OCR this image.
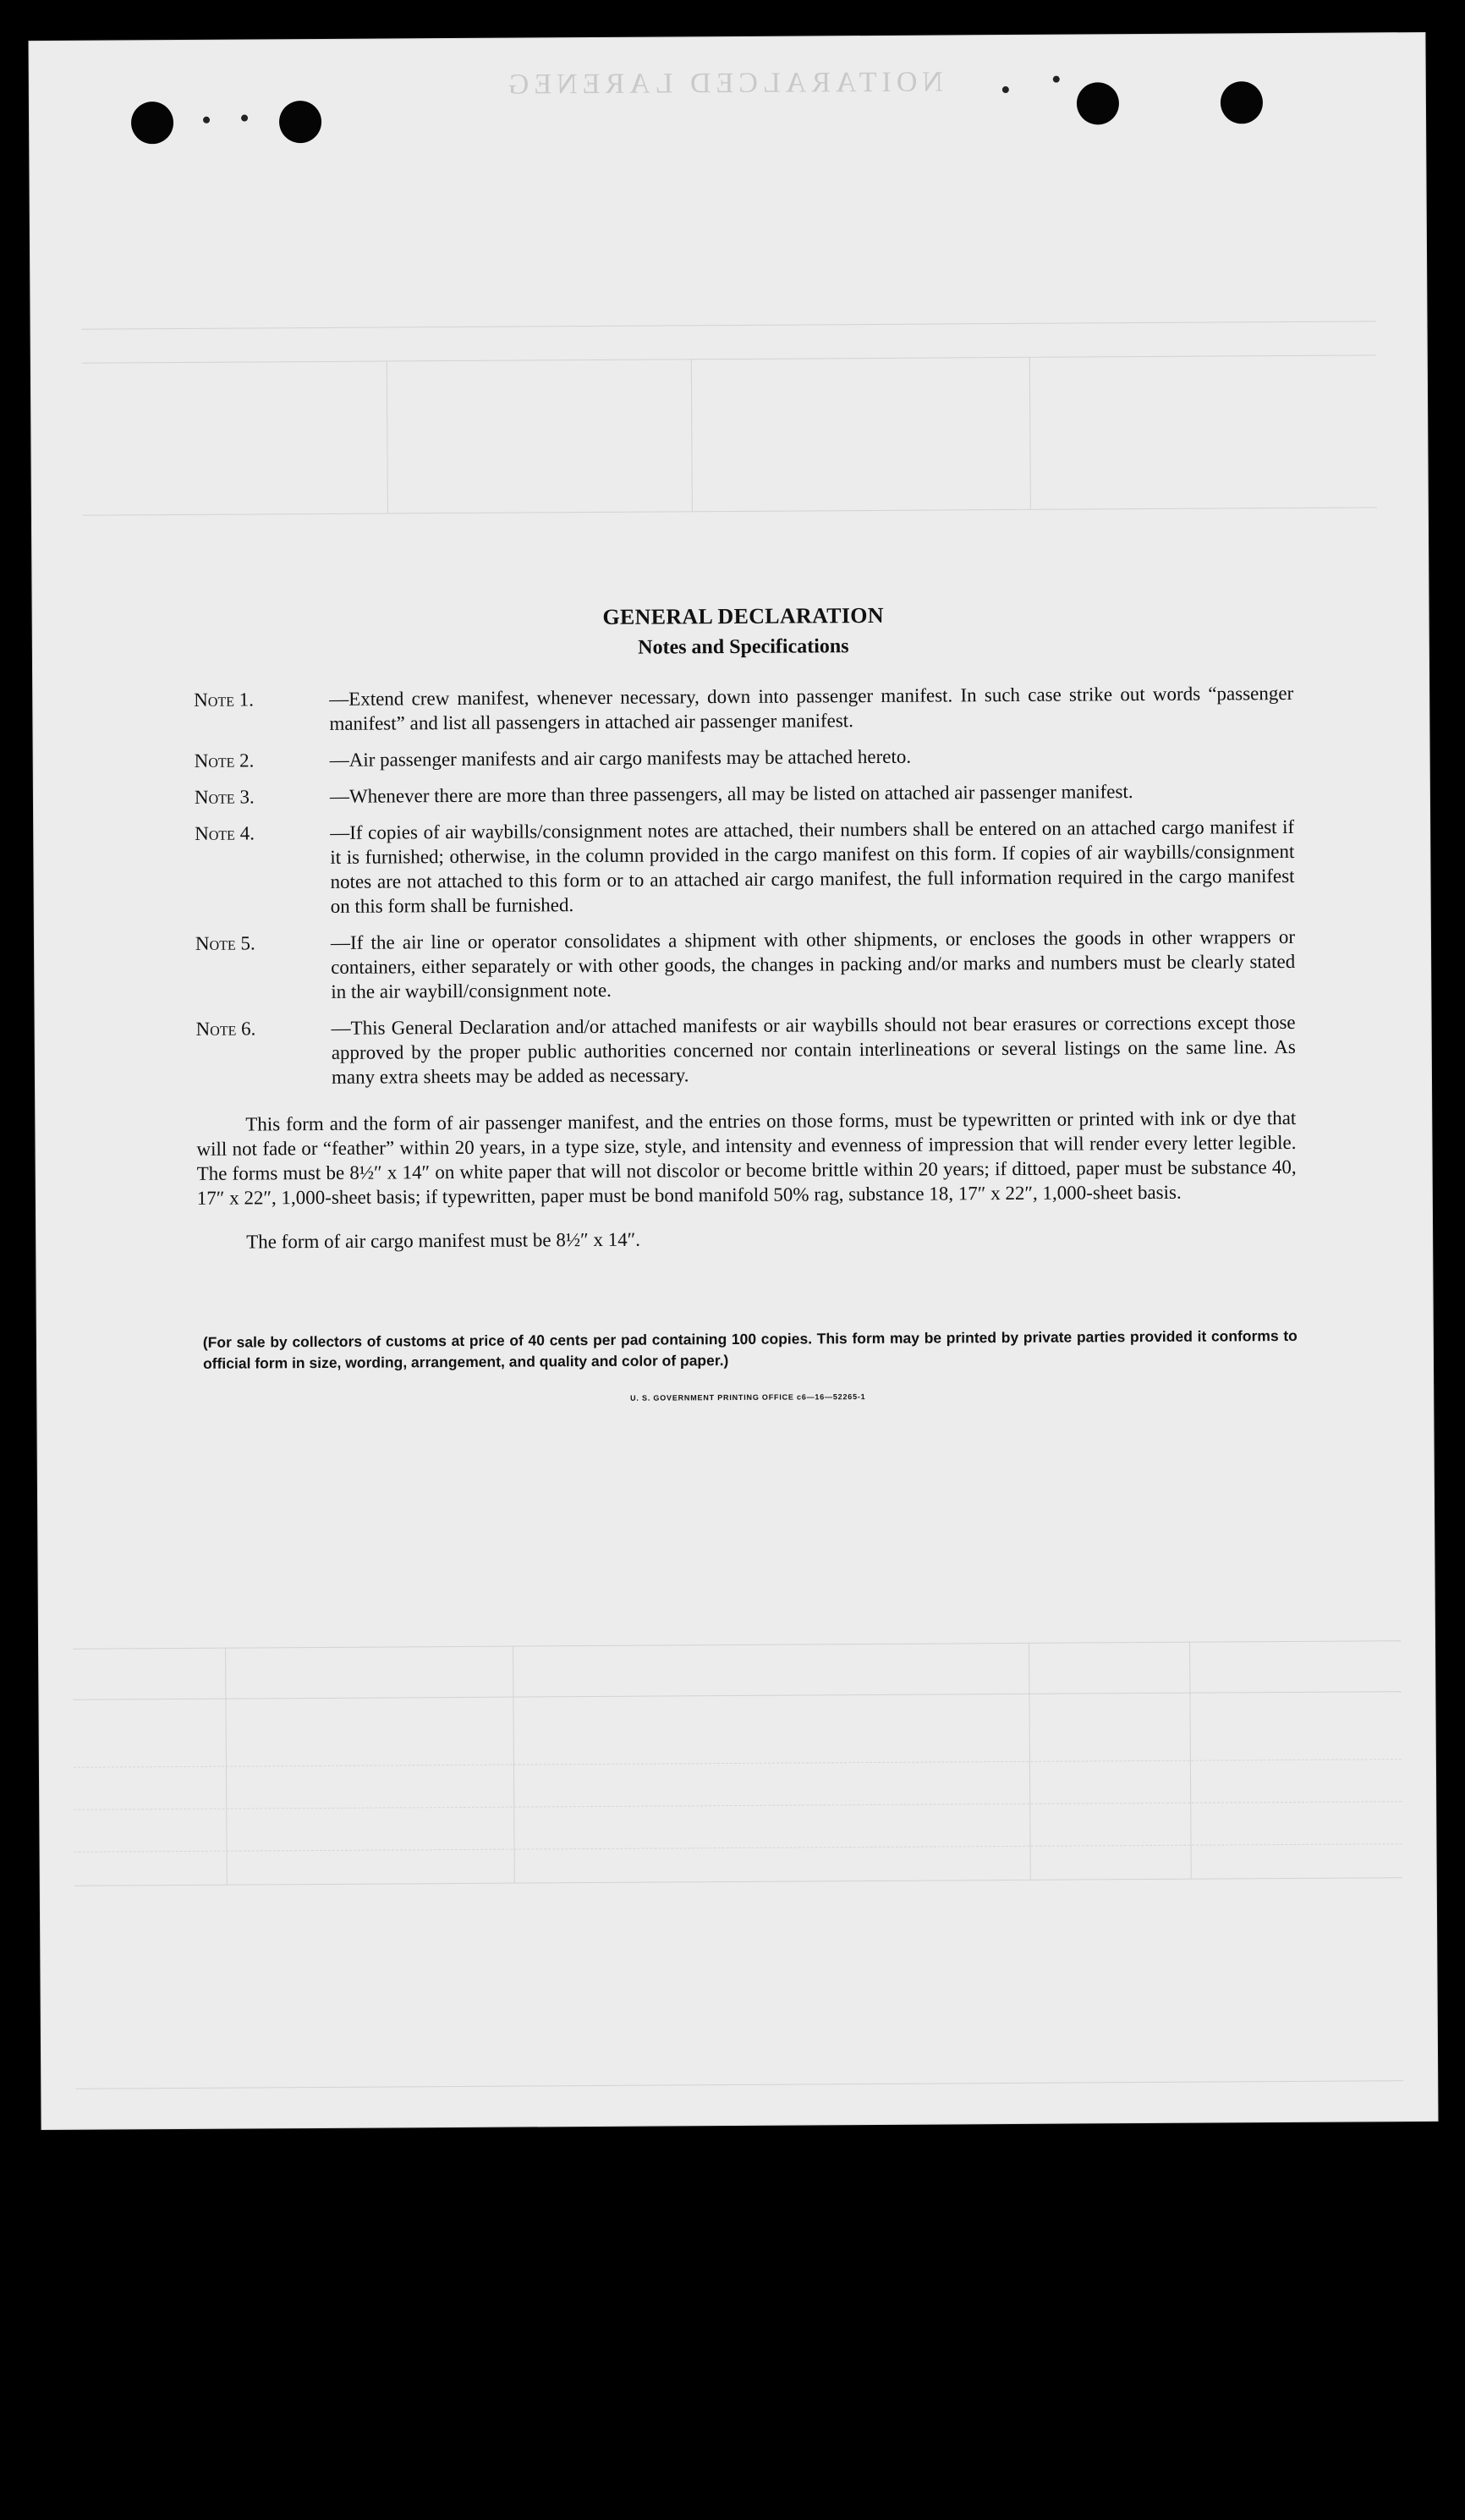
NOITARALCED LARENEG

GENERAL DECLARATION

Notes and Specifications

Note 1.	—Extend crew manifest, whenever necessary, down into passenger manifest. In such case strike out words “passenger manifest” and list all passengers in attached air passenger manifest.
Note 2.	—Air passenger manifests and air cargo manifests may be attached hereto.
Note 3.	—Whenever there are more than three passengers, all may be listed on attached air passenger manifest.
Note 4.	—If copies of air waybills/consignment notes are attached, their numbers shall be entered on an attached cargo manifest if it is furnished; otherwise, in the column provided in the cargo manifest on this form. If copies of air waybills/consignment notes are not attached to this form or to an attached air cargo manifest, the full information required in the cargo manifest on this form shall be furnished.
Note 5.	—If the air line or operator consolidates a shipment with other shipments, or encloses the goods in other wrappers or containers, either separately or with other goods, the changes in packing and/or marks and numbers must be clearly stated in the air waybill/consignment note.
Note 6.	—This General Declaration and/or attached manifests or air waybills should not bear erasures or corrections except those approved by the proper public authorities concerned nor contain interlineations or several listings on the same line. As many extra sheets may be added as necessary.

This form and the form of air passenger manifest, and the entries on those forms, must be typewritten or printed with ink or dye that will not fade or “feather” within 20 years, in a type size, style, and intensity and evenness of impression that will render every letter legible. The forms must be 8½″ x 14″ on white paper that will not discolor or become brittle within 20 years; if dittoed, paper must be substance 40, 17″ x 22″, 1,000-sheet basis; if typewritten, paper must be bond manifold 50% rag, substance 18, 17″ x 22″, 1,000-sheet basis.

The form of air cargo manifest must be 8½″ x 14″.

(For sale by collectors of customs at price of 40 cents per pad containing 100 copies. This form may be printed by private parties provided it conforms to official form in size, wording, arrangement, and quality and color of paper.)

U. S. GOVERNMENT PRINTING OFFICE c6—16—52265-1
